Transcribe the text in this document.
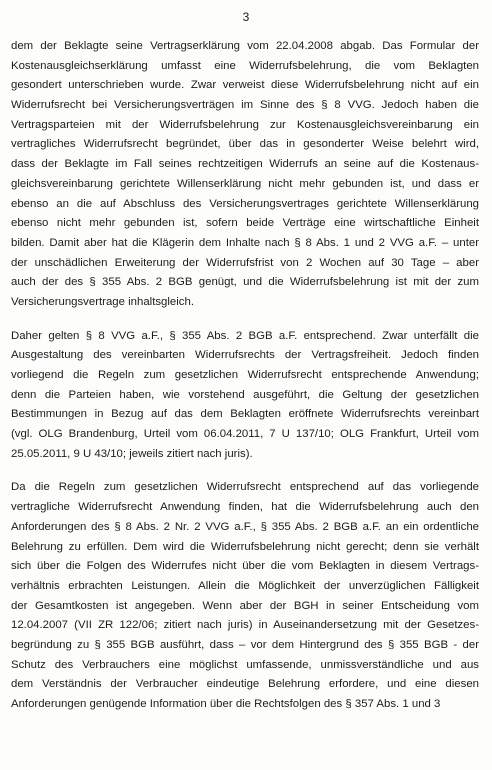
3
dem der Beklagte seine Vertragserklärung vom 22.04.2008 abgab. Das Formular der
Kostenausgleichserklärung umfasst eine Widerrufsbelehrung, die vom Beklagten
gesondert unterschrieben wurde. Zwar verweist diese Widerrufsbelehrung nicht auf ein
Widerrufsrecht bei Versicherungsverträgen im Sinne des § 8 VVG. Jedoch haben die
Vertragsparteien mit der Widerrufsbelehrung zur Kostenausgleichsvereinbarung ein
vertragliches Widerrufsrecht begründet, über das in gesonderter Weise belehrt wird,
dass der Beklagte im Fall seines rechtzeitigen Widerrufs an seine auf die Kostenaus-
gleichsvereinbarung gerichtete Willenserklärung nicht mehr gebunden ist, und dass er
ebenso an die auf Abschluss des Versicherungsvertrages gerichtete Willenserklärung
ebenso nicht mehr gebunden ist, sofern beide Verträge eine wirtschaftliche Einheit
bilden. Damit aber hat die Klägerin dem Inhalte nach § 8 Abs. 1 und 2 VVG a.F. – unter
der unschädlichen Erweiterung der Widerrufsfrist von 2 Wochen auf 30 Tage – aber
auch der des § 355 Abs. 2 BGB genügt, und die Widerrufsbelehrung ist mit der zum
Versicherungsvertrage inhaltsgleich.
Daher gelten § 8 VVG a.F., § 355 Abs. 2 BGB a.F. entsprechend. Zwar unterfällt die
Ausgestaltung des vereinbarten Widerrufsrechts der Vertragsfreiheit. Jedoch finden
vorliegend die Regeln zum gesetzlichen Widerrufsrecht entsprechende Anwendung;
denn die Parteien haben, wie vorstehend ausgeführt, die Geltung der gesetzlichen
Bestimmungen in Bezug auf das dem Beklagten eröffnete Widerrufsrechts vereinbart
(vgl. OLG Brandenburg, Urteil vom 06.04.2011, 7 U 137/10; OLG Frankfurt, Urteil vom
25.05.2011, 9 U 43/10; jeweils zitiert nach juris).
Da die Regeln zum gesetzlichen Widerrufsrecht entsprechend auf das vorliegende
vertragliche Widerrufsrecht Anwendung finden, hat die Widerrufsbelehrung auch den
Anforderungen des § 8 Abs. 2 Nr. 2 VVG a.F., § 355 Abs. 2 BGB a.F. an ein ordentliche
Belehrung zu erfüllen. Dem wird die Widerrufsbelehrung nicht gerecht; denn sie verhält
sich über die Folgen des Widerrufes nicht über die vom Beklagten in diesem Vertrags-
verhältnis erbrachten Leistungen. Allein die Möglichkeit der unverzüglichen Fälligkeit
der Gesamtkosten ist angegeben. Wenn aber der BGH in seiner Entscheidung vom
12.04.2007 (VII ZR 122/06; zitiert nach juris) in Auseinandersetzung mit der Gesetzes-
begründung zu § 355 BGB ausführt, dass – vor dem Hintergrund des § 355 BGB - der
Schutz des Verbrauchers eine möglichst umfassende, unmissverständliche und aus
dem Verständnis der Verbraucher eindeutige Belehrung erfordere, und eine diesen
Anforderungen genügende Information über die Rechtsfolgen des § 357 Abs. 1 und 3
